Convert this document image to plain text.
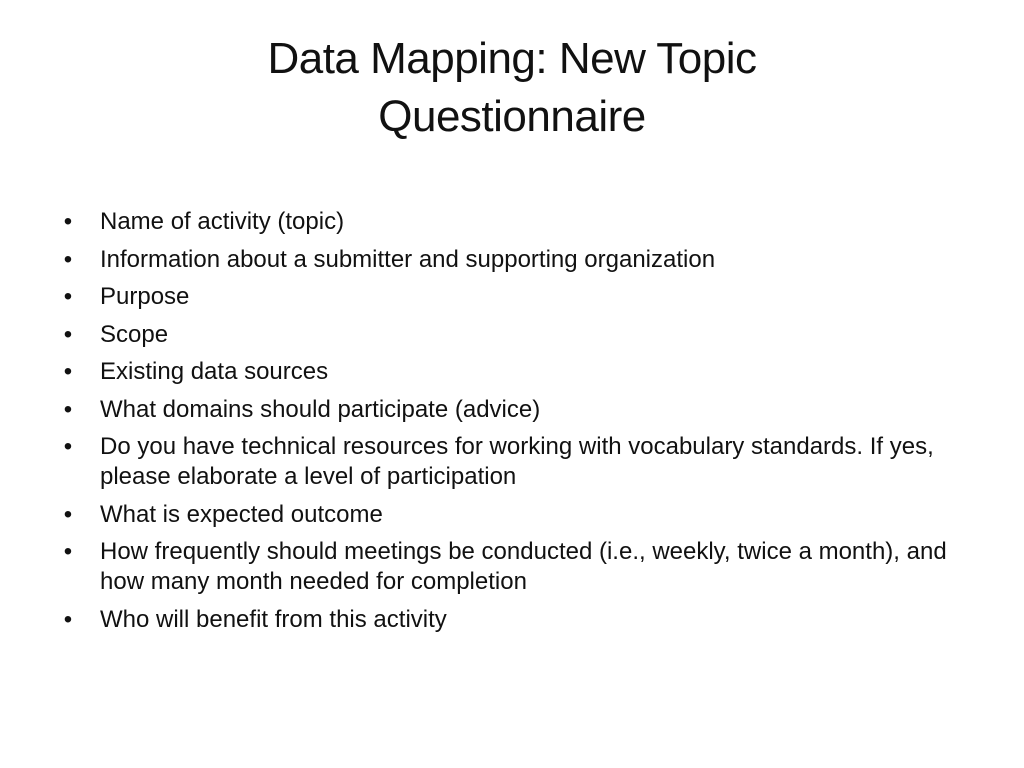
Data Mapping: New Topic
Questionnaire
• Name of activity (topic)
• Information about a submitter and supporting organization
• Purpose
• Scope
• Existing data sources
• What domains should participate (advice)
• Do you have technical resources for working with vocabulary standards. If yes, please elaborate a level of participation
• What is expected outcome
• How frequently should meetings be conducted (i.e., weekly, twice a month), and how many month needed for completion
• Who will benefit from this activity
